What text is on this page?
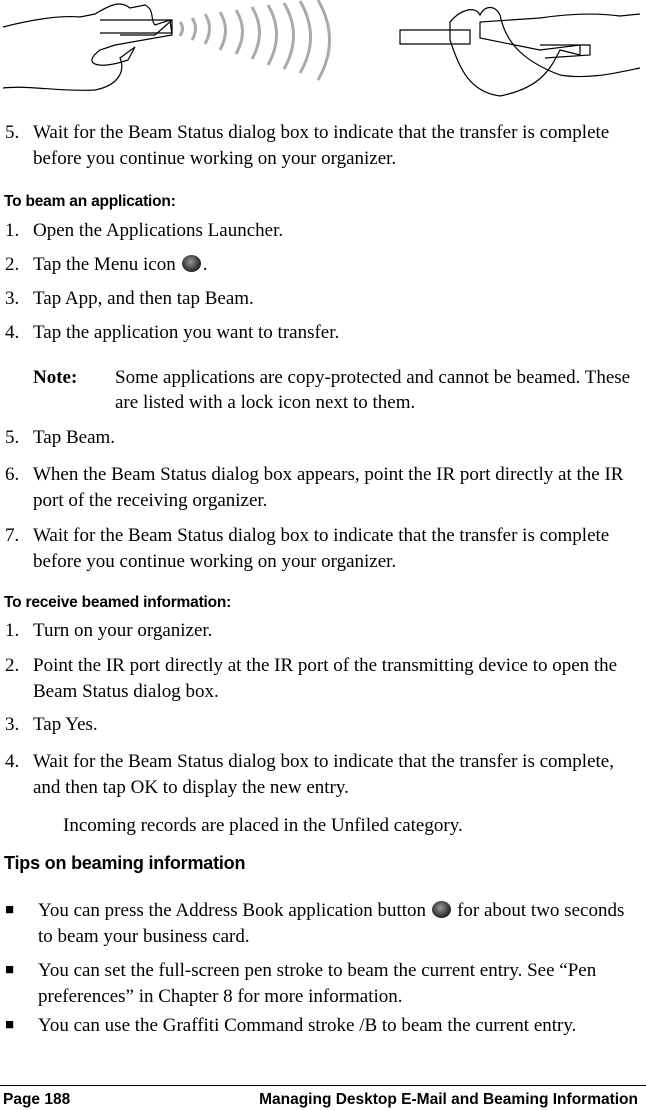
5. Wait for the Beam Status dialog box to indicate that the transfer is complete before you continue working on your organizer.
To beam an application:
1. Open the Applications Launcher.
2. Tap the Menu icon .
3. Tap App, and then tap Beam.
4. Tap the application you want to transfer.
Note: Some applications are copy-protected and cannot be beamed. These are listed with a lock icon next to them.
5. Tap Beam.
6. When the Beam Status dialog box appears, point the IR port directly at the IR port of the receiving organizer.
7. Wait for the Beam Status dialog box to indicate that the transfer is complete before you continue working on your organizer.
To receive beamed information:
1. Turn on your organizer.
2. Point the IR port directly at the IR port of the transmitting device to open the Beam Status dialog box.
3. Tap Yes.
4. Wait for the Beam Status dialog box to indicate that the transfer is complete, and then tap OK to display the new entry.
Incoming records are placed in the Unfiled category.
Tips on beaming information
■ You can press the Address Book application button for about two seconds to beam your business card.
■ You can set the full-screen pen stroke to beam the current entry. See “Pen preferences” in Chapter 8 for more information.
■ You can use the Graffiti Command stroke /B to beam the current entry.
Page 188	Managing Desktop E-Mail and Beaming Information
